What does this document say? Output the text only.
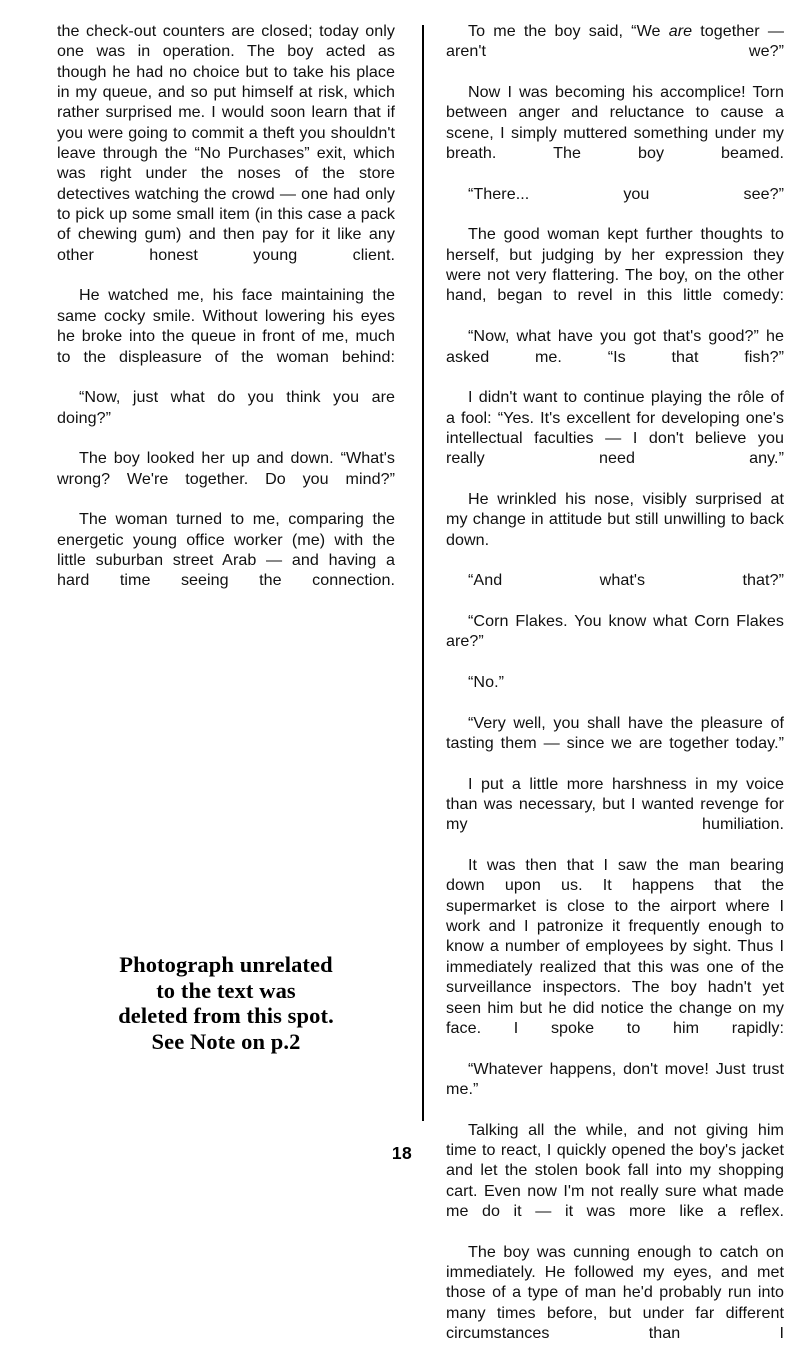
the check-out counters are closed; today only one was in operation. The boy acted as though he had no choice but to take his place in my queue, and so put himself at risk, which rather surprised me. I would soon learn that if you were going to commit a theft you shouldn't leave through the “No Purchases” exit, which was right under the noses of the store detectives watching the crowd — one had only to pick up some small item (in this case a pack of chewing gum) and then pay for it like any other honest young client.

He watched me, his face maintaining the same cocky smile. Without lowering his eyes he broke into the queue in front of me, much to the displeasure of the woman behind:

“Now, just what do you think you are doing?”

The boy looked her up and down. “What's wrong? We're together. Do you mind?”

The woman turned to me, comparing the energetic young office worker (me) with the little suburban street Arab — and having a hard time seeing the connection.

Photograph unrelated
to the text was
deleted from this spot.
See Note on p.2

To me the boy said, “We are together — aren't we?”

Now I was becoming his accomplice! Torn between anger and reluctance to cause a scene, I simply muttered something under my breath. The boy beamed.

“There... you see?”

The good woman kept further thoughts to herself, but judging by her expression they were not very flattering. The boy, on the other hand, began to revel in this little comedy:

“Now, what have you got that's good?” he asked me. “Is that fish?”

I didn't want to continue playing the rôle of a fool: “Yes. It's excellent for developing one's intellectual faculties — I don't believe you really need any.”

He wrinkled his nose, visibly surprised at my change in attitude but still unwilling to back down.

“And what's that?”

“Corn Flakes. You know what Corn Flakes are?”

“No.”

“Very well, you shall have the pleasure of tasting them — since we are together today.”

I put a little more harshness in my voice than was necessary, but I wanted revenge for my humiliation.

It was then that I saw the man bearing down upon us. It happens that the supermarket is close to the airport where I work and I patronize it frequently enough to know a number of employees by sight. Thus I immediately realized that this was one of the surveillance inspectors. The boy hadn't yet seen him but he did notice the change on my face. I spoke to him rapidly:

“Whatever happens, don't move! Just trust me.”

Talking all the while, and not giving him time to react, I quickly opened the boy's jacket and let the stolen book fall into my shopping cart. Even now I'm not really sure what made me do it — it was more like a reflex.

The boy was cunning enough to catch on immediately. He followed my eyes, and met those of a type of man he'd probably run into many times before, but under far different circumstances than I

18
